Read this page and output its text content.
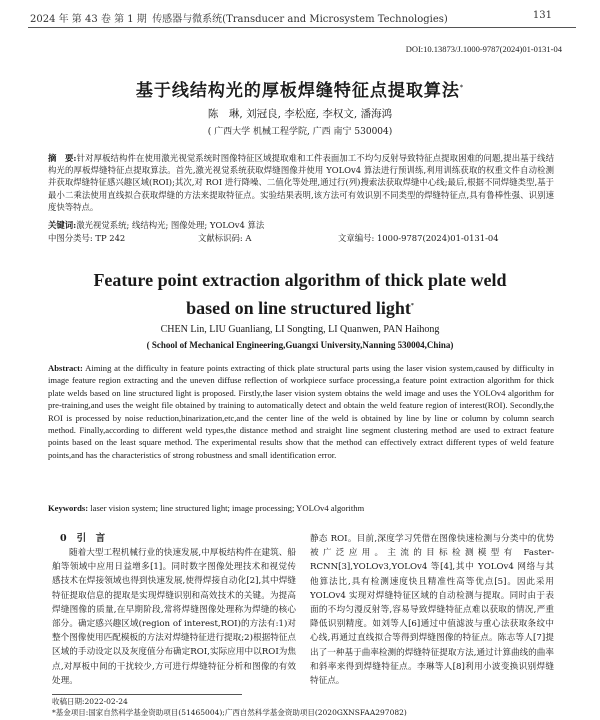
2024 年 第 43 卷 第 1 期 传感器与微系统(Transducer and Microsystem Technologies)	131
DOI:10.13873/J.1000-9787(2024)01-0131-04
基于线结构光的厚板焊缝特征点提取算法*
陈　琳, 刘冠良, 李松庭, 李权文, 潘海鸿
( 广西大学 机械工程学院, 广西 南宁 530004)
摘　要:针对厚板结构件在使用激光视觉系统时图像特征区域提取难和工件表面加工不均匀反射导致特征点提取困难的问题,提出基于线结构光的厚板焊缝特征点提取算法。首先,激光视觉系统获取焊缝图像并使用 YOLOv4 算法进行预训练,利用训练获取的权重文件自动检测并获取焊缝特征感兴趣区域(ROI);其次,对 ROI 进行降噪、二值化等处理,通过行(列)搜索法获取焊缝中心线;最后,根据不同焊缝类型,基于最小二乘法使用直线拟合获取焊缝的方法来提取特征点。实验结果表明,该方法可有效识别不同类型的焊缝特征点,具有鲁棒性强、识别速度快等特点。
关键词:激光视觉系统; 线结构光; 图像处理; YOLOv4 算法
中图分类号: TP 242	文献标识码: A	文章编号: 1000-9787(2024)01-0131-04
Feature point extraction algorithm of thick plate weld
based on line structured light*
CHEN Lin, LIU Guanliang, LI Songting, LI Quanwen, PAN Haihong
( School of Mechanical Engineering,Guangxi University,Nanning 530004,China)
Abstract: Aiming at the difficulty in feature points extracting of thick plate structural parts using the laser vision system,caused by difficulty in image feature region extracting and the uneven diffuse reflection of workpiece surface processing,a feature point extraction algorithm for thick plate welds based on line structured light is proposed. Firstly,the laser vision system obtains the weld image and uses the YOLOv4 algorithm for pre-training,and uses the weight file obtained by training to automatically detect and obtain the weld feature region of interest(ROI). Secondly,the ROI is processed by noise reduction,binarization,etc,and the center line of the weld is obtained by line by line or column by column search method. Finally,according to different weld types,the distance method and straight line segment clustering method are used to extract feature points based on the least square method. The experimental results show that the method can effectively extract different types of weld feature points,and has the characteristics of strong robustness and small identification error.
Keywords: laser vision system; line structured light; image processing; YOLOv4 algorithm
0 引　言
随着大型工程机械行业的快速发展,中厚板结构件在建筑、船舶等领域中应用日益增多[1]。同时数字图像处理技术和视觉传感技术在焊接领域也得到快速发展,使得焊接自动化[2],其中焊缝特征提取信息的提取是实现焊缝识别和高效技术的关键。为提高焊缝图像的质量,在早期阶段,常将焊缝图像处理称为焊缝的核心部分。确定感兴趣区域(region of interest,ROI)的方法有:1)对整个图像使用匹配模板的方法对焊缝特征进行提取;2)根据特征点区域的手动设定以及灰度值分布确定ROI,实际应用中以ROI为焦点,对厚板中间的干扰较少,方可进行焊缝特征分析和图像的有效处理。
静态 ROI。目前,深度学习凭借在图像快速检测与分类中的优势被广泛应用。主流的目标检测模型有 Faster-RCNN[3],YOLOv3,YOLOv4 等[4],其中 YOLOv4 网络与其他算法比,具有检测速度快且精准性高等优点[5]。因此采用 YOLOv4 实现对焊缝特征区域的自动检测与提取。同时由于表面的不均匀漫反射等,容易导致焊缝特征点难以获取的情况,严重降低识别精度。如刘等人[6]通过中值滤波与重心法获取条纹中心线,再通过直线拟合等得到焊缝图像的特征点。陈志等人[7]提出了一种基于曲率检测的焊缝特征提取方法,通过计算曲线的曲率和斜率来得到焊缝特征点。李琳等人[8]利用小波变换识别焊缝特征点。
收稿日期:2022-02-24
*基金项目:国家自然科学基金资助项目(51465004);广西自然科学基金资助项目(2020GXNSFAA297082)
